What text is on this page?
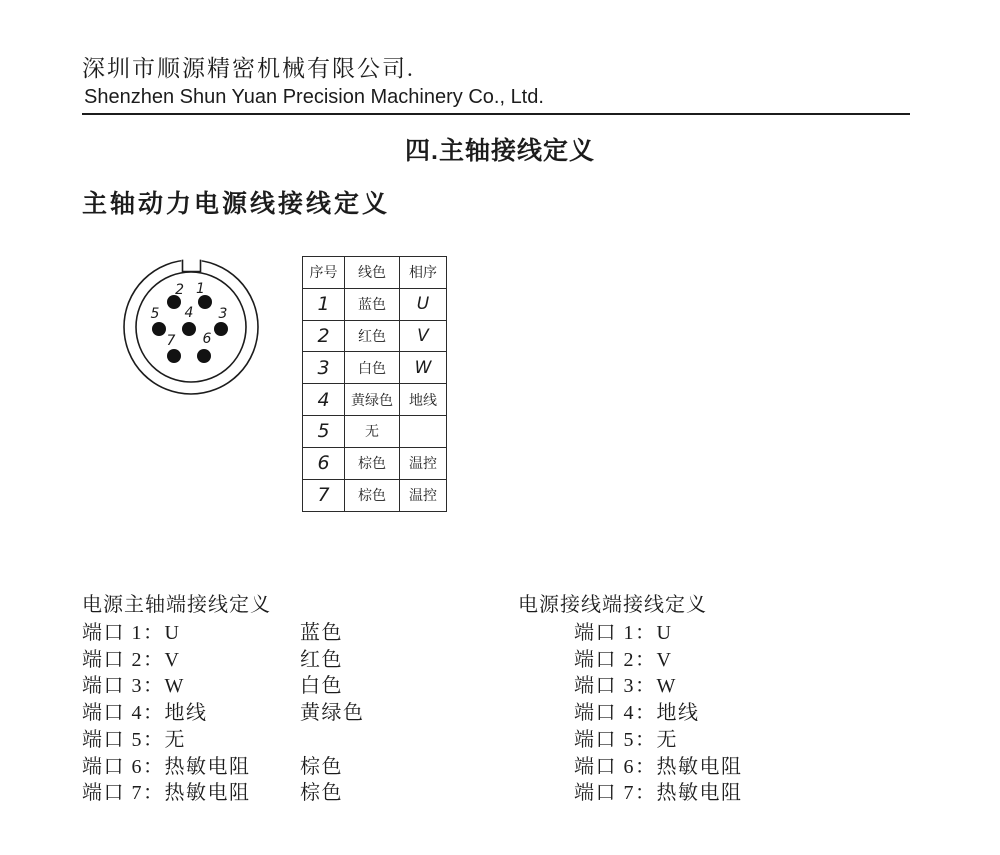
深圳市顺源精密机械有限公司.
Shenzhen Shun Yuan Precision Machinery Co., Ltd.
四.主轴接线定义
主轴动力电源线接线定义
2 1
5 4 3
7 6
序号	线色	相序
1	蓝色	U
2	红色	V
3	白色	W
4	黄绿色	地线
5	无
6	棕色	温控
7	棕色	温控
电源主轴端接线定义
端口 1：U	蓝色
端口 2：V	红色
端口 3：W	白色
端口 4：地线	黄绿色
端口 5：无
端口 6：热敏电阻 棕色
端口 7：热敏电阻 棕色
电源接线端接线定义
端口 1：U
端口 2：V
端口 3：W
端口 4：地线
端口 5：无
端口 6：热敏电阻
端口 7：热敏电阻
